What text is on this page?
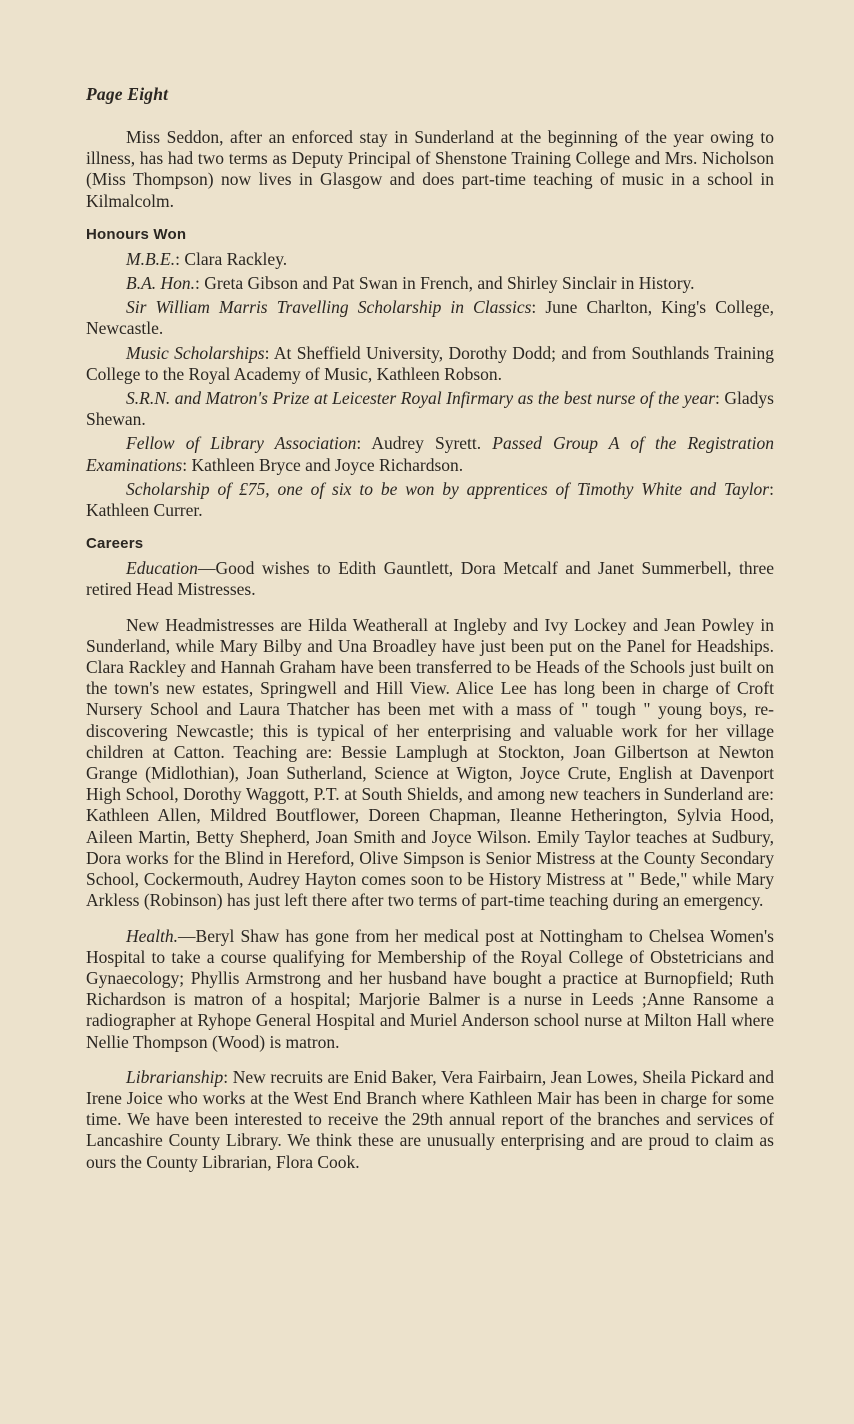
Page Eight

Miss Seddon, after an enforced stay in Sunderland at the beginning of the year owing to illness, has had two terms as Deputy Principal of Shenstone Training College and Mrs. Nicholson (Miss Thompson) now lives in Glasgow and does part-time teaching of music in a school in Kilmalcolm.

Honours Won

M.B.E.: Clara Rackley.

B.A. Hon.: Greta Gibson and Pat Swan in French, and Shirley Sinclair in History.

Sir William Marris Travelling Scholarship in Classics: June Charlton, King's College, Newcastle.

Music Scholarships: At Sheffield University, Dorothy Dodd; and from Southlands Training College to the Royal Academy of Music, Kathleen Robson.

S.R.N. and Matron's Prize at Leicester Royal Infirmary as the best nurse of the year: Gladys Shewan.

Fellow of Library Association: Audrey Syrett. Passed Group A of the Registration Examinations: Kathleen Bryce and Joyce Richardson.

Scholarship of £75, one of six to be won by apprentices of Timothy White and Taylor: Kathleen Currer.

Careers

Education—Good wishes to Edith Gauntlett, Dora Metcalf and Janet Summerbell, three retired Head Mistresses.

New Headmistresses are Hilda Weatherall at Ingleby and Ivy Lockey and Jean Powley in Sunderland, while Mary Bilby and Una Broadley have just been put on the Panel for Headships. Clara Rackley and Hannah Graham have been transferred to be Heads of the Schools just built on the town's new estates, Springwell and Hill View. Alice Lee has long been in charge of Croft Nursery School and Laura Thatcher has been met with a mass of " tough " young boys, re-discovering Newcastle; this is typical of her enterprising and valuable work for her village children at Catton. Teaching are: Bessie Lamplugh at Stockton, Joan Gilbertson at Newton Grange (Midlothian), Joan Sutherland, Science at Wigton, Joyce Crute, English at Davenport High School, Dorothy Waggott, P.T. at South Shields, and among new teachers in Sunderland are: Kathleen Allen, Mildred Boutflower, Doreen Chapman, Ileanne Hetherington, Sylvia Hood, Aileen Martin, Betty Shepherd, Joan Smith and Joyce Wilson. Emily Taylor teaches at Sudbury, Dora works for the Blind in Hereford, Olive Simpson is Senior Mistress at the County Secondary School, Cockermouth, Audrey Hayton comes soon to be History Mistress at " Bede," while Mary Arkless (Robinson) has just left there after two terms of part-time teaching during an emergency.

Health.—Beryl Shaw has gone from her medical post at Nottingham to Chelsea Women's Hospital to take a course qualifying for Membership of the Royal College of Obstetricians and Gynaecology; Phyllis Armstrong and her husband have bought a practice at Burnopfield; Ruth Richardson is matron of a hospital; Marjorie Balmer is a nurse in Leeds ;Anne Ransome a radiographer at Ryhope General Hospital and Muriel Anderson school nurse at Milton Hall where Nellie Thompson (Wood) is matron.

Librarianship: New recruits are Enid Baker, Vera Fairbairn, Jean Lowes, Sheila Pickard and Irene Joice who works at the West End Branch where Kathleen Mair has been in charge for some time. We have been interested to receive the 29th annual report of the branches and services of Lancashire County Library. We think these are unusually enterprising and are proud to claim as ours the County Librarian, Flora Cook.
